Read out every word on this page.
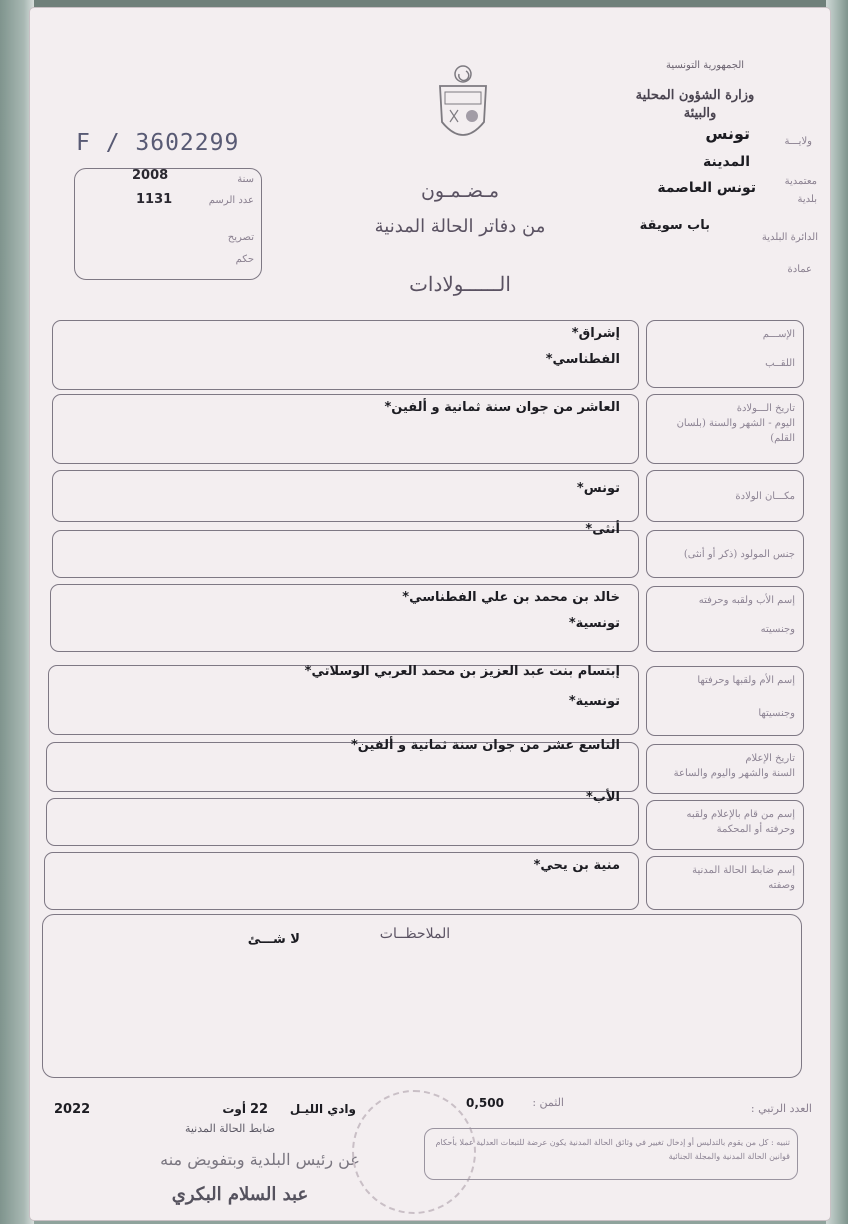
الجمهورية التونسية
وزارة الشؤون المحلية
والبيئة
ولايـــة
تونس
المدينة
معتمدية
تونس العاصمة
بلدية
باب سويقة
الدائرة البلدية
عمادة
F / 3602299
سنة
2008
عدد الرسم
1131
تصريح
حكم
مـضـمـون
من دفاتر الحالة المدنية
الــــــولادات
الإســـم
اللقــب
إشراق*
الفطناسي*
تاريخ الـــولادة
اليوم - الشهر والسنة (بلسان القلم)
العاشر من جوان سنة ثمانية و ألفين*
مكـــان الولادة
تونس*
جنس المولود (ذكر أو أنثى)
أنثى*
إسم الأب ولقبه وحرفته
وجنسيته
خالد بن محمد بن علي الفطناسي*
تونسية*
إسم الأم ولقبها وحرفتها
وجنسيتها
إبتسام بنت عبد العزيز بن محمد العربي الوسلاتي*
تونسية*
تاريخ الإعلام
السنة والشهر واليوم والساعة
التاسع عشر من جوان سنة ثمانية و ألفين*
إسم من قام بالإعلام ولقبه
وحرفته أو المحكمة
الأب*
إسم ضابط الحالة المدنية
وصفته
منية بن يحي*
الملاحظــات
لا شـــئ
العدد الرتبي :
الثمن :
0,500
وادي الليـل
22
أوت
2022
ضابط الحالة المدنية
عن رئيس البلدية وبتفويض منه
عبد السلام البكري
تنبيه : كل من يقوم بالتدليس أو إدخال تغيير في وثائق الحالة المدنية يكون عرضة للتبعات العدلية عملا بأحكام قوانين الحالة المدنية والمجلة الجنائية
